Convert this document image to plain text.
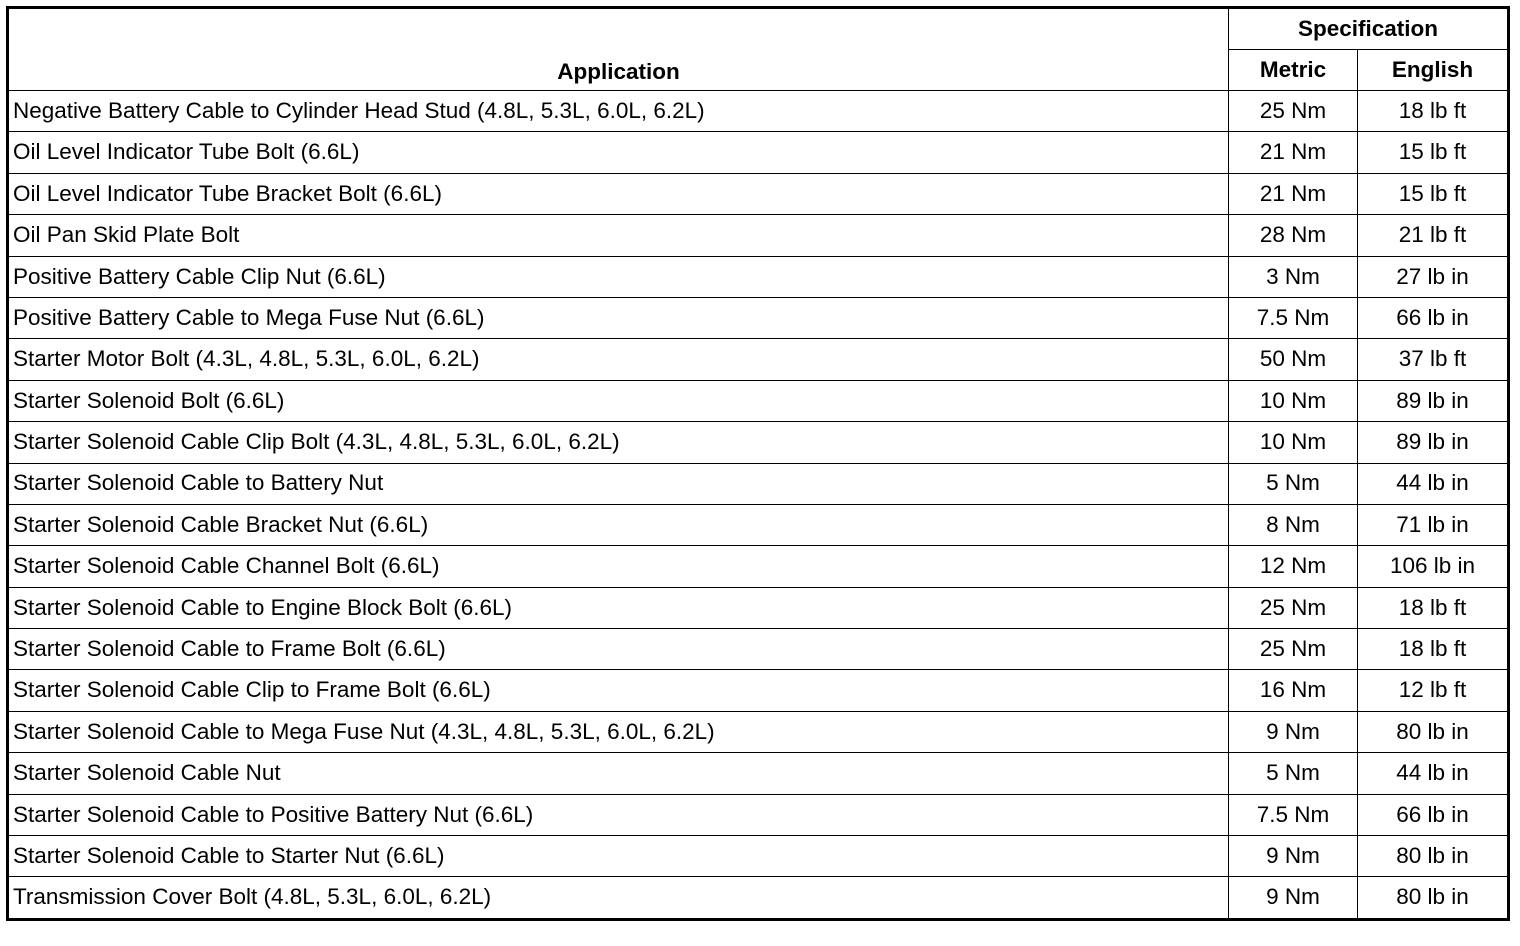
Application	Specification	
	Metric	English
Negative Battery Cable to Cylinder Head Stud (4.8L, 5.3L, 6.0L, 6.2L)	25 Nm	18 lb ft
Oil Level Indicator Tube Bolt (6.6L)	21 Nm	15 lb ft
Oil Level Indicator Tube Bracket Bolt (6.6L)	21 Nm	15 lb ft
Oil Pan Skid Plate Bolt	28 Nm	21 lb ft
Positive Battery Cable Clip Nut (6.6L)	3 Nm	27 lb in
Positive Battery Cable to Mega Fuse Nut (6.6L)	7.5 Nm	66 lb in
Starter Motor Bolt (4.3L, 4.8L, 5.3L, 6.0L, 6.2L)	50 Nm	37 lb ft
Starter Solenoid Bolt (6.6L)	10 Nm	89 lb in
Starter Solenoid Cable Clip Bolt (4.3L, 4.8L, 5.3L, 6.0L, 6.2L)	10 Nm	89 lb in
Starter Solenoid Cable to Battery Nut	5 Nm	44 lb in
Starter Solenoid Cable Bracket Nut (6.6L)	8 Nm	71 lb in
Starter Solenoid Cable Channel Bolt (6.6L)	12 Nm	106 lb in
Starter Solenoid Cable to Engine Block Bolt (6.6L)	25 Nm	18 lb ft
Starter Solenoid Cable to Frame Bolt (6.6L)	25 Nm	18 lb ft
Starter Solenoid Cable Clip to Frame Bolt (6.6L)	16 Nm	12 lb ft
Starter Solenoid Cable to Mega Fuse Nut (4.3L, 4.8L, 5.3L, 6.0L, 6.2L)	9 Nm	80 lb in
Starter Solenoid Cable Nut	5 Nm	44 lb in
Starter Solenoid Cable to Positive Battery Nut (6.6L)	7.5 Nm	66 lb in
Starter Solenoid Cable to Starter Nut (6.6L)	9 Nm	80 lb in
Transmission Cover Bolt (4.8L, 5.3L, 6.0L, 6.2L)	9 Nm	80 lb in
